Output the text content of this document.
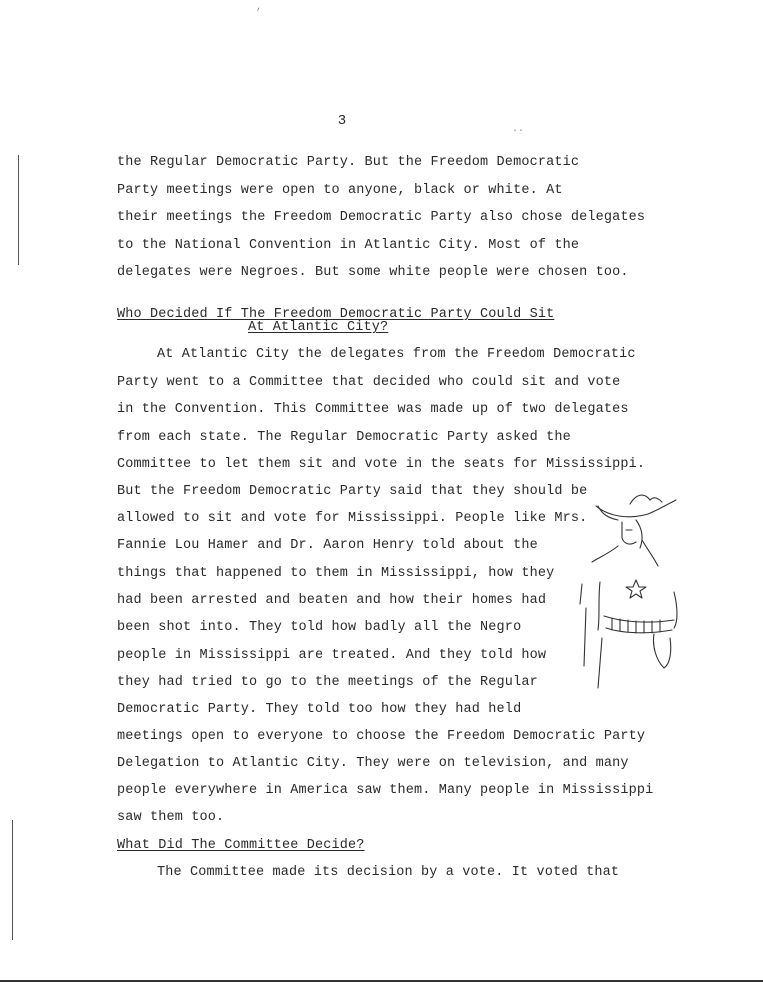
,
..
3
the Regular Democratic Party. But the Freedom Democratic
Party meetings were open to anyone, black or white. At
their meetings the Freedom Democratic Party also chose delegates
to the National Convention in Atlantic City. Most of the
delegates were Negroes. But some white people were chosen too.
Who Decided If The Freedom Democratic Party Could Sit
At Atlantic City?
At Atlantic City the delegates from the Freedom Democratic
Party went to a Committee that decided who could sit and vote
in the Convention. This Committee was made up of two delegates
from each state. The Regular Democratic Party asked the
Committee to let them sit and vote in the seats for Mississippi.
But the Freedom Democratic Party said that they should be
allowed to sit and vote for Mississippi. People like Mrs.
Fannie Lou Hamer and Dr. Aaron Henry told about the
things that happened to them in Mississippi, how they
had been arrested and beaten and how their homes had
been shot into. They told how badly all the Negro
people in Mississippi are treated. And they told how
they had tried to go to the meetings of the Regular
Democratic Party. They told too how they had held
meetings open to everyone to choose the Freedom Democratic Party
Delegation to Atlantic City. They were on television, and many
people everywhere in America saw them. Many people in Mississippi
saw them too.
What Did The Committee Decide?
The Committee made its decision by a vote. It voted that
